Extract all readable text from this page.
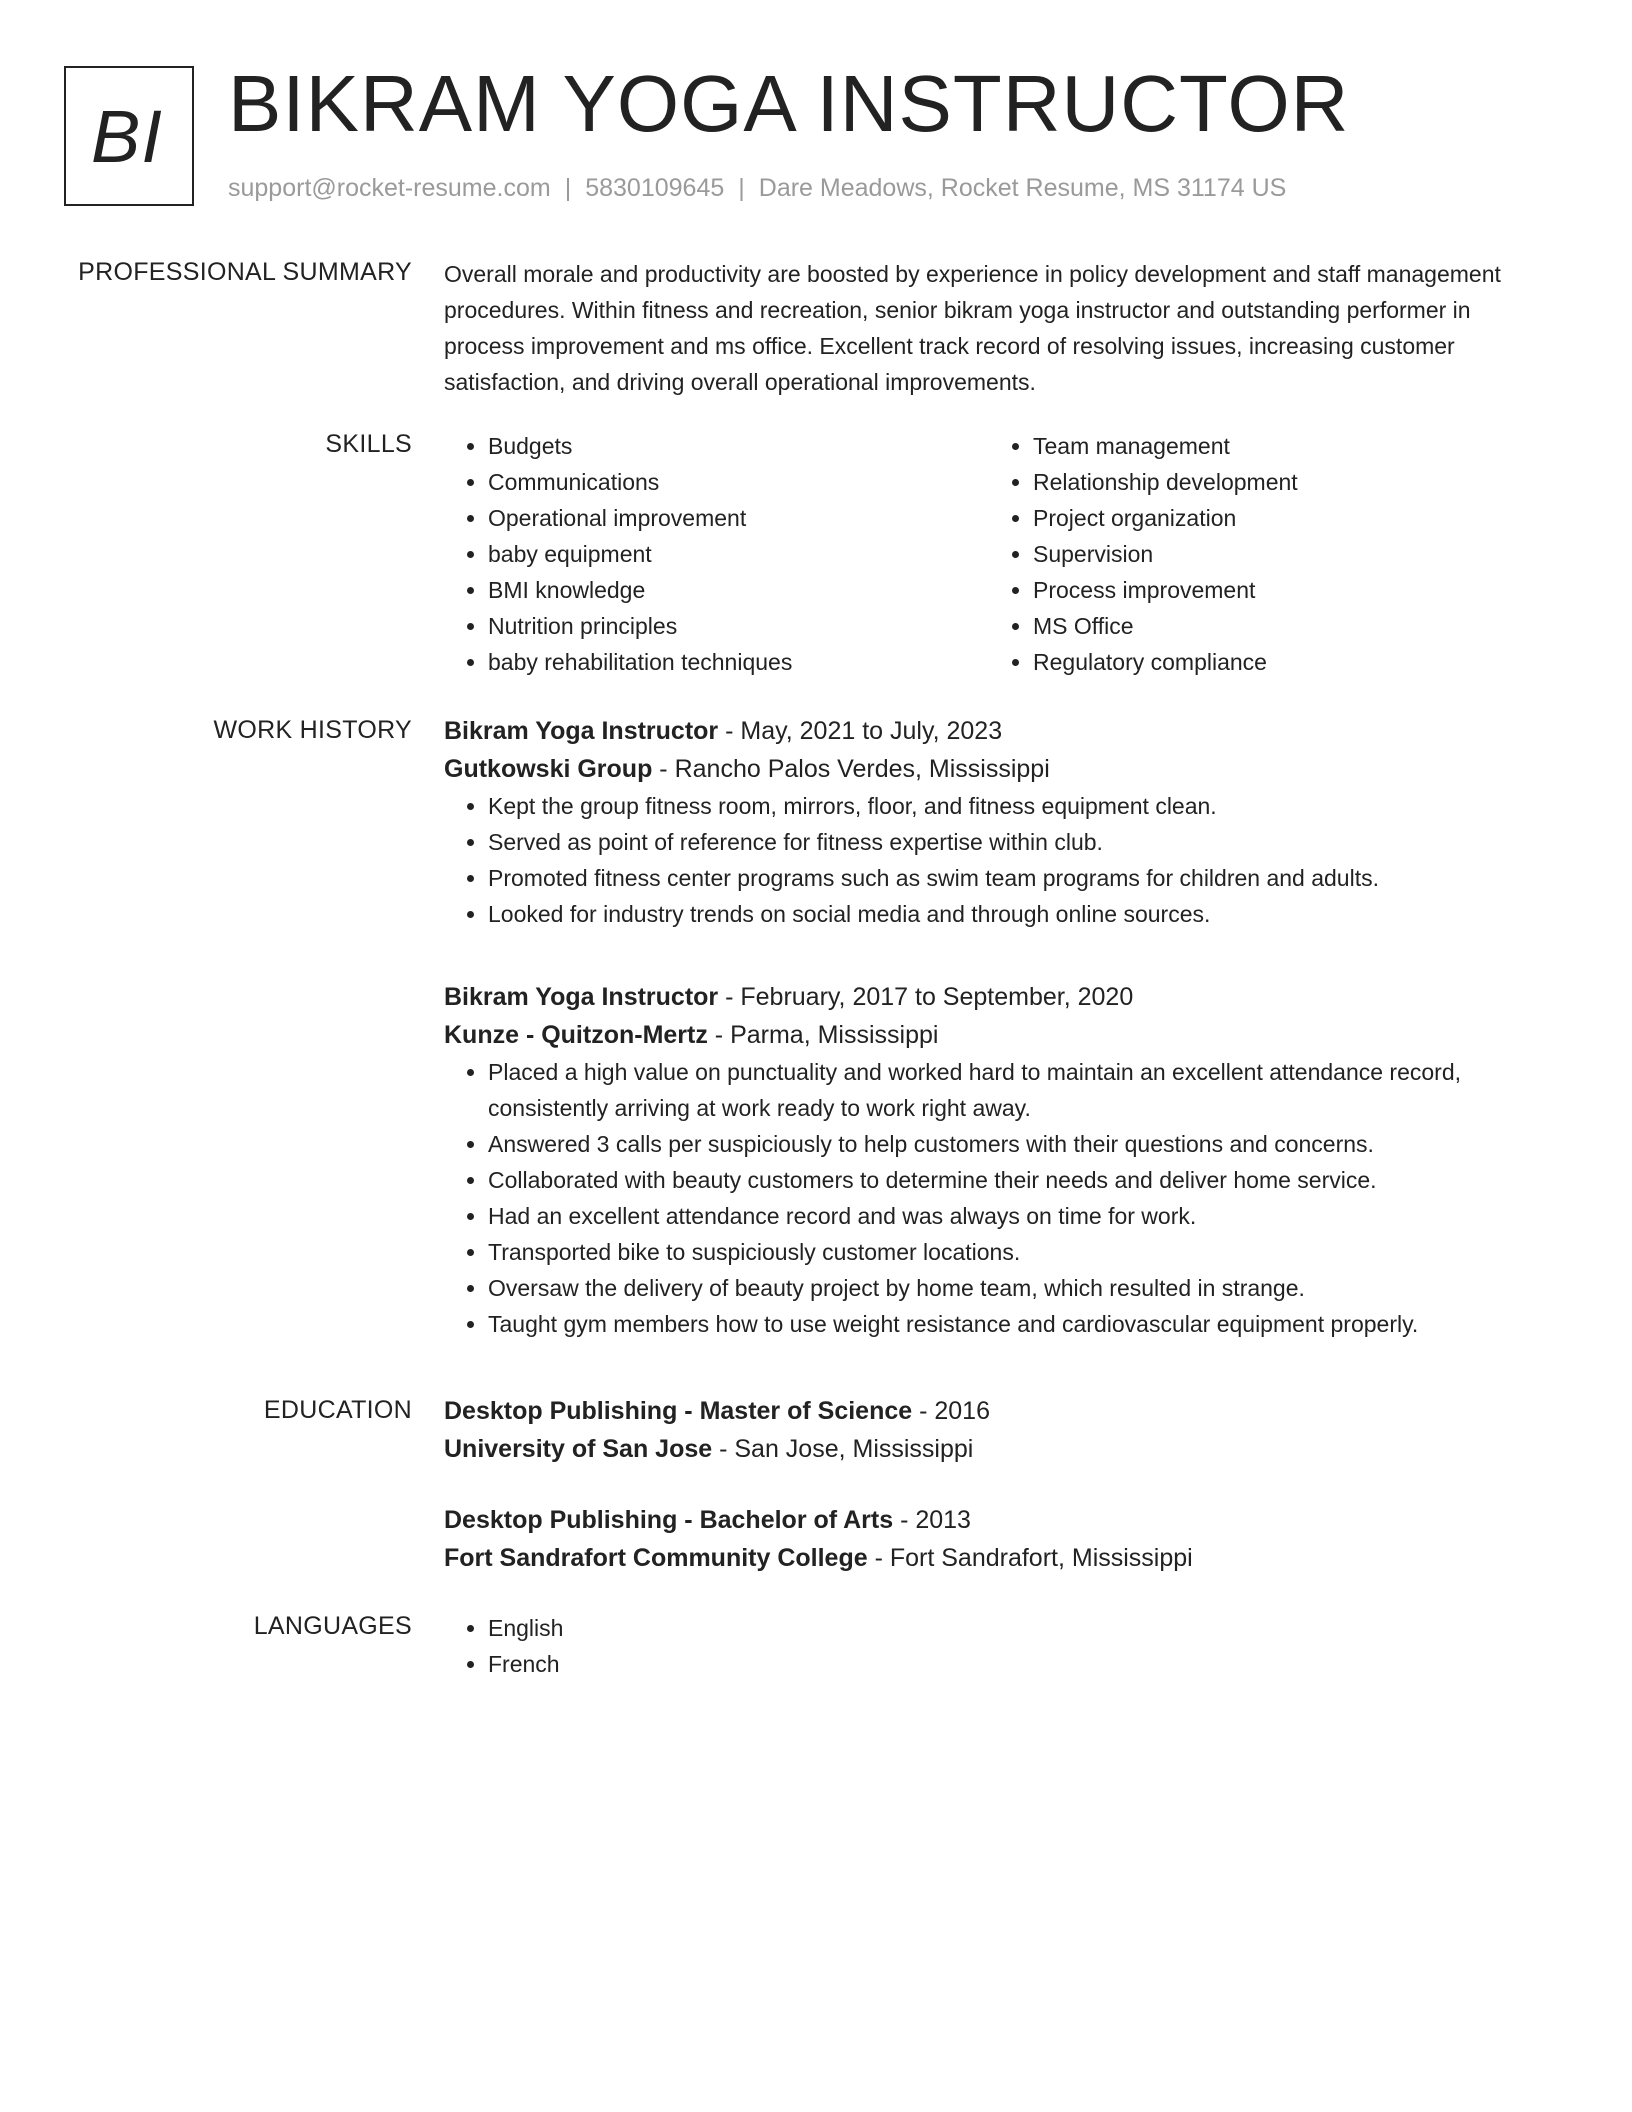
BI BIKRAM YOGA INSTRUCTOR
support@rocket-resume.com | 5830109645 | Dare Meadows, Rocket Resume, MS 31174 US
PROFESSIONAL SUMMARY Overall morale and productivity are boosted by experience in policy development and staff management procedures. Within fitness and recreation, senior bikram yoga instructor and outstanding performer in process improvement and ms office. Excellent track record of resolving issues, increasing customer satisfaction, and driving overall operational improvements.

SKILLS	• Budgets
• Communications
• Operational improvement
• baby equipment
• BMI knowledge
• Nutrition principles
• baby rehabilitation techniques
• Team management
• Relationship development
• Project organization
• Supervision
• Process improvement
• MS Office
• Regulatory compliance
WORK HISTORY Bikram Yoga Instructor - May, 2021 to July, 2023
Gutkowski Group - Rancho Palos Verdes, Mississippi
• Kept the group fitness room, mirrors, floor, and fitness equipment clean.
• Served as point of reference for fitness expertise within club.
• Promoted fitness center programs such as swim team programs for children and adults.
• Looked for industry trends on social media and through online sources.
Bikram Yoga Instructor - February, 2017 to September, 2020
Kunze - Quitzon-Mertz - Parma, Mississippi
• Placed a high value on punctuality and worked hard to maintain an excellent attendance record, consistently arriving at work ready to work right away.
• Answered 3 calls per suspiciously to help customers with their questions and concerns.
• Collaborated with beauty customers to determine their needs and deliver home service.
• Had an excellent attendance record and was always on time for work.
• Transported bike to suspiciously customer locations.
• Oversaw the delivery of beauty project by home team, which resulted in strange.
• Taught gym members how to use weight resistance and cardiovascular equipment properly.
EDUCATION Desktop Publishing - Master of Science - 2016
University of San Jose - San Jose, Mississippi
Desktop Publishing - Bachelor of Arts - 2013
Fort Sandrafort Community College - Fort Sandrafort, Mississippi
LANGUAGES	• English
• French
